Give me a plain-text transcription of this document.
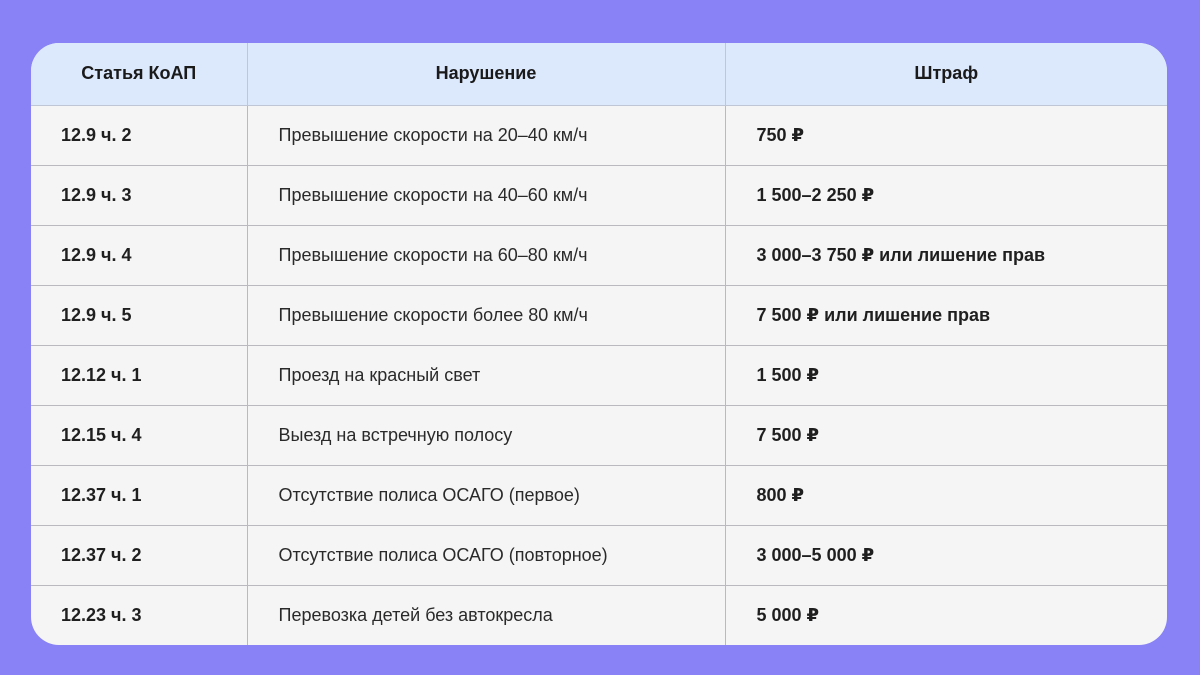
Статья КоАП	Нарушение	Штраф
12.9 ч. 2	Превышение скорости на 20–40 км/ч	750 ₽
12.9 ч. 3	Превышение скорости на 40–60 км/ч	1 500–2 250 ₽
12.9 ч. 4	Превышение скорости на 60–80 км/ч	3 000–3 750 ₽ или лишение прав
12.9 ч. 5	Превышение скорости более 80 км/ч	7 500 ₽ или лишение прав
12.12 ч. 1	Проезд на красный свет	1 500 ₽
12.15 ч. 4	Выезд на встречную полосу	7 500 ₽
12.37 ч. 1	Отсутствие полиса ОСАГО (первое)	800 ₽
12.37 ч. 2	Отсутствие полиса ОСАГО (повторное)	3 000–5 000 ₽
12.23 ч. 3	Перевозка детей без автокресла	5 000 ₽
